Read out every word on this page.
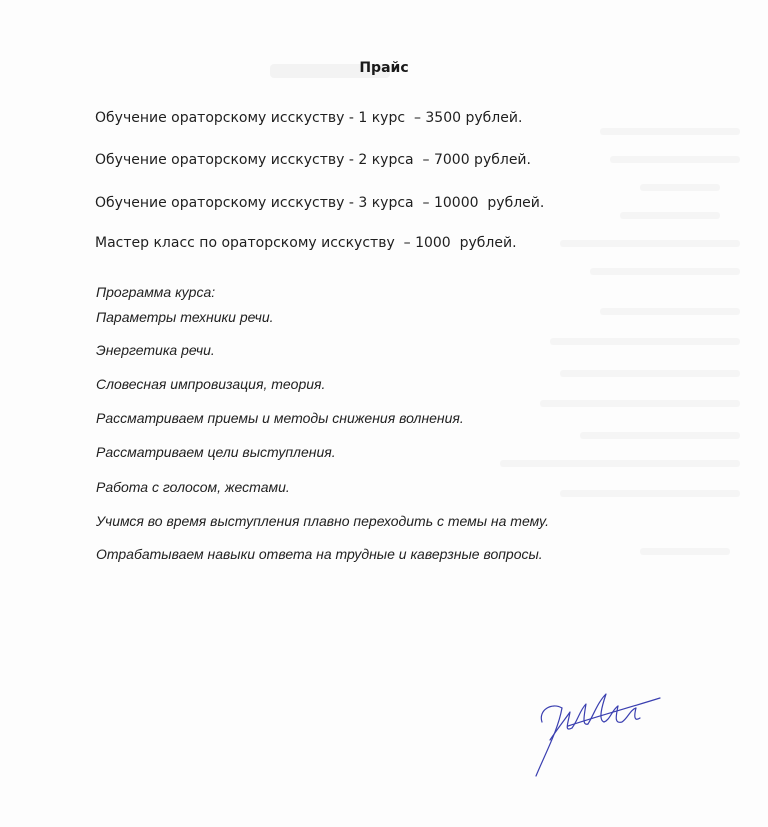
Прайс
Обучение ораторскому исскуству - 1 курс  – 3500 рублей.
Обучение ораторскому исскуству - 2 курса  – 7000 рублей.
Обучение ораторскому исскуству - 3 курса  – 10000  рублей.
Мастер класс по ораторскому исскуству  – 1000  рублей.
Программа курса:
Параметры техники речи.
Энергетика речи.
Словесная импровизация, теория.
Рассматриваем приемы и методы снижения волнения.
Рассматриваем цели выступления.
Работа с голосом, жестами.
Учимся во время выступления плавно переходить с темы на тему.
Отрабатываем навыки ответа на трудные и каверзные вопросы.
